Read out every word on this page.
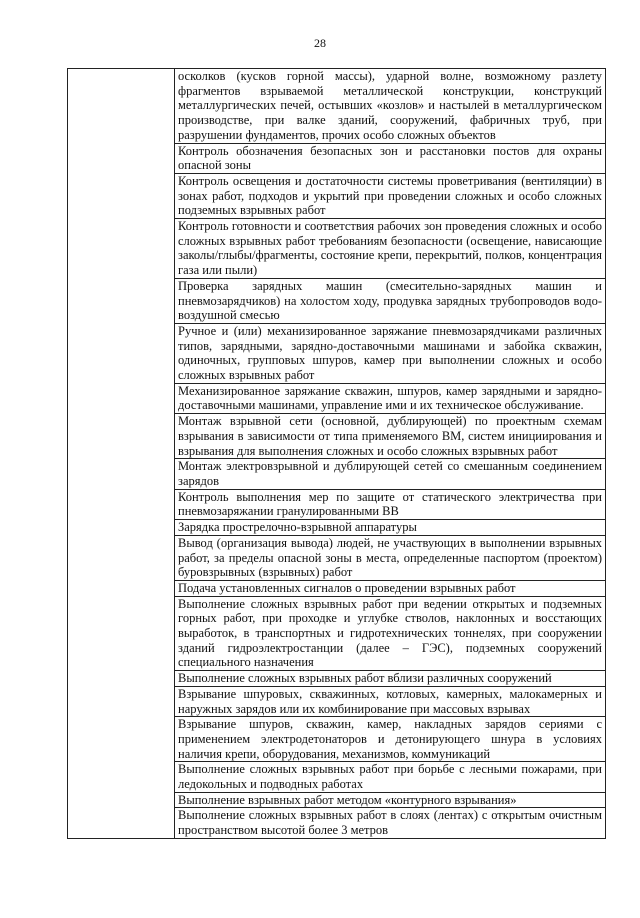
28
	осколков (кусков горной массы), ударной волне, возможному разлету фрагментов взрываемой металлической конструкции, конструкций металлургических печей, остывших «козлов» и настылей в металлургическом производстве, при валке зданий, сооружений, фабричных труб, при разрушении фундаментов, прочих особо сложных объектов
Контроль обозначения безопасных зон и расстановки постов для охраны опасной зоны
Контроль освещения и достаточности системы проветривания (вентиляции) в зонах работ, подходов и укрытий при проведении сложных и особо сложных подземных взрывных работ
Контроль готовности и соответствия рабочих зон проведения сложных и особо сложных взрывных работ требованиям безопасности (освещение, нависающие заколы/глыбы/фрагменты, состояние крепи, перекрытий, полков, концентрация газа или пыли)
Проверка зарядных машин (смесительно-зарядных машин и пневмозарядчиков) на холостом ходу, продувка зарядных трубопроводов водо-воздушной смесью
Ручное и (или) механизированное заряжание пневмозарядчиками различных типов, зарядными, зарядно-доставочными машинами и забойка скважин, одиночных, групповых шпуров, камер при выполнении сложных и особо сложных взрывных работ
Механизированное заряжание скважин, шпуров, камер зарядными и зарядно-доставочными машинами, управление ими и их техническое обслуживание.
Монтаж взрывной сети (основной, дублирующей) по проектным схемам взрывания в зависимости от типа применяемого ВМ, систем инициирования и взрывания для выполнения сложных и особо сложных взрывных работ
Монтаж электровзрывной и дублирующей сетей со смешанным соединением зарядов
Контроль выполнения мер по защите от статического электричества при пневмозаряжании гранулированными ВВ
Зарядка прострелочно-взрывной аппаратуры
Вывод (организация вывода) людей, не участвующих в выполнении взрывных работ, за пределы опасной зоны в места, определенные паспортом (проектом) буровзрывных (взрывных) работ
Подача установленных сигналов о проведении взрывных работ
Выполнение сложных взрывных работ при ведении открытых и подземных горных работ, при проходке и углубке стволов, наклонных и восстающих выработок, в транспортных и гидротехнических тоннелях, при сооружении зданий гидроэлектростанции (далее – ГЭС), подземных сооружений специального назначения
Выполнение сложных взрывных работ вблизи различных сооружений
Взрывание шпуровых, скважинных, котловых, камерных, малокамерных и наружных зарядов или их комбинирование при массовых взрывах
Взрывание шпуров, скважин, камер, накладных зарядов сериями с применением электродетонаторов и детонирующего шнура в условиях наличия крепи, оборудования, механизмов, коммуникаций
Выполнение сложных взрывных работ при борьбе с лесными пожарами, при ледокольных и подводных работах
Выполнение взрывных работ методом «контурного взрывания»
Выполнение сложных взрывных работ в слоях (лентах) с открытым очистным пространством высотой более 3 метров
